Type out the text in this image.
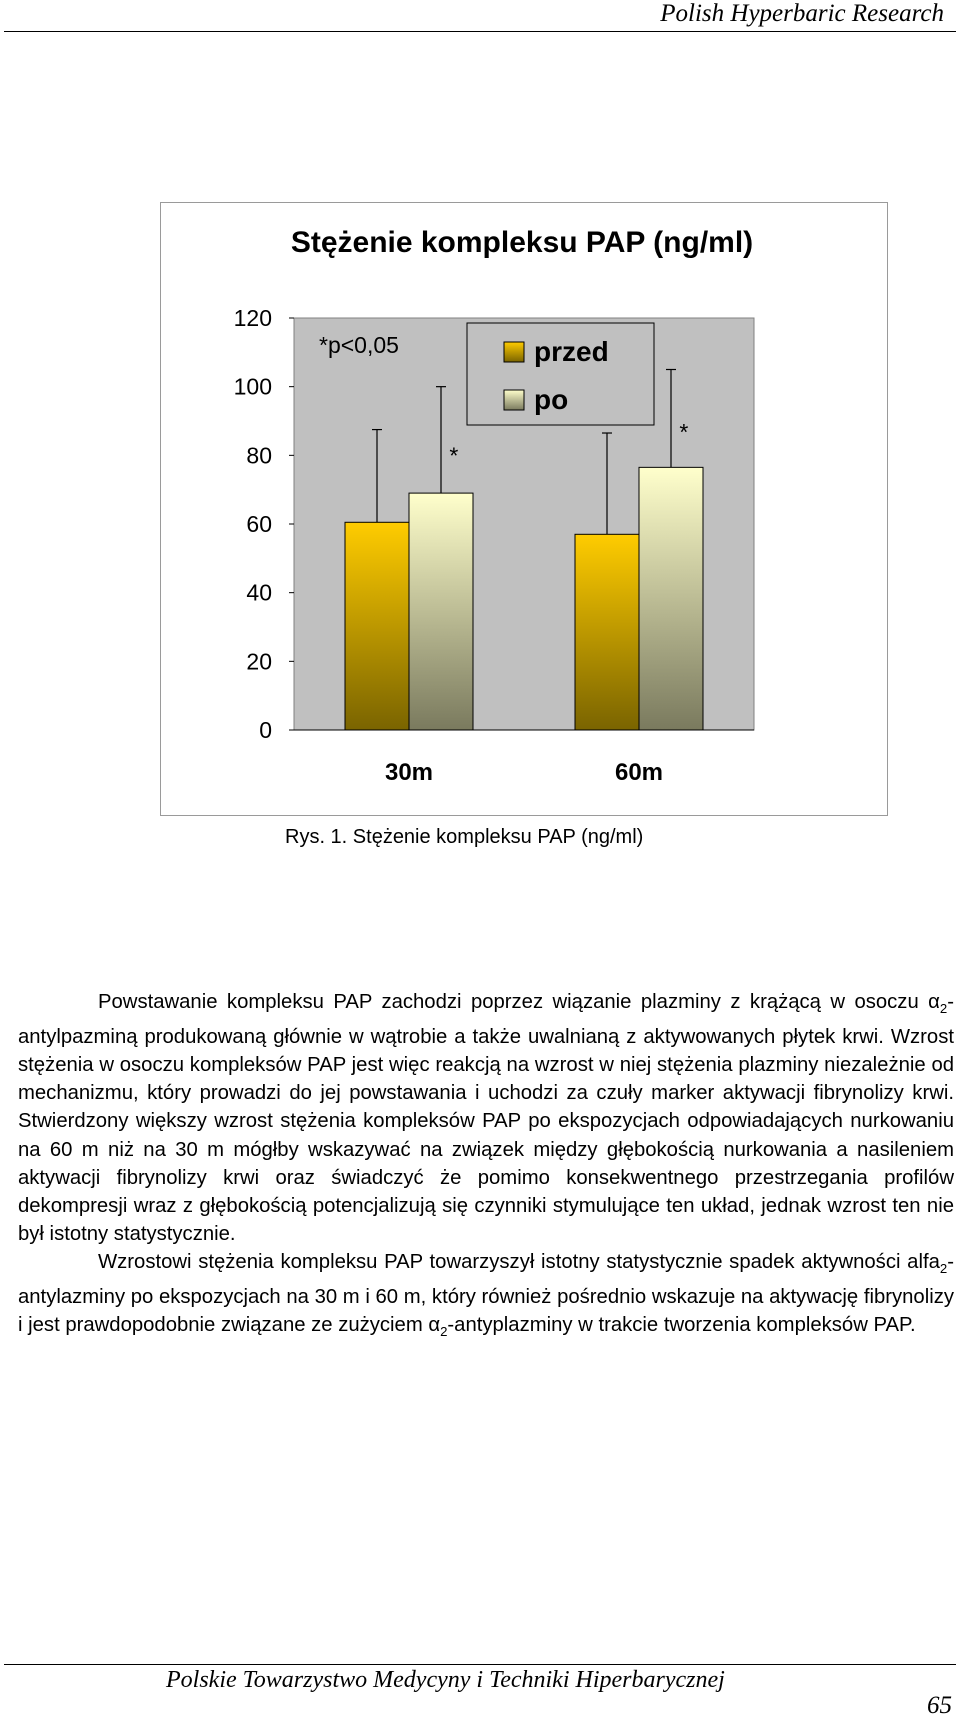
Polish Hyperbaric Research
Stężenie kompleksu PAP (ng/ml)
0
20
40
60
80
100
120
*
*
*p<0,05	przed
po
30m	60m
Rys. 1. Stężenie kompleksu PAP (ng/ml)

Powstawanie kompleksu PAP zachodzi poprzez wiązanie plazminy z krążącą w osoczu $\alpha_2$-antylpazminą produkowaną głównie w wątrobie a także uwalnianą z aktywowanych płytek krwi. Wzrost stężenia w osoczu kompleksów PAP jest więc reakcją na wzrost w niej stężenia plazminy niezależnie od mechanizmu, który prowadzi do jej powstawania i uchodzi za czuły marker aktywacji fibrynolizy krwi. Stwierdzony większy wzrost stężenia kompleksów PAP po ekspozycjach odpowiadających nurkowaniu na 60 m niż na 30 m mógłby wskazywać na związek między głębokością nurkowania a nasileniem aktywacji fibrynolizy krwi oraz świadczyć że pomimo konsekwentnego przestrzegania profilów dekompresji wraz z głębokością potencjalizują się czynniki stymulujące ten układ, jednak wzrost ten nie był istotny statystycznie.

Wzrostowi stężenia kompleksu PAP towarzyszył istotny statystycznie spadek aktywności alfa$_2$-antylazminy po ekspozycjach na 30 m i 60 m, który również pośrednio wskazuje na aktywację fibrynolizy i jest prawdopodobnie związane ze zużyciem $\alpha_2$-antyplazminy w trakcie tworzenia kompleksów PAP.

Polskie Towarzystwo Medycyny i Techniki Hiperbarycznej
65
